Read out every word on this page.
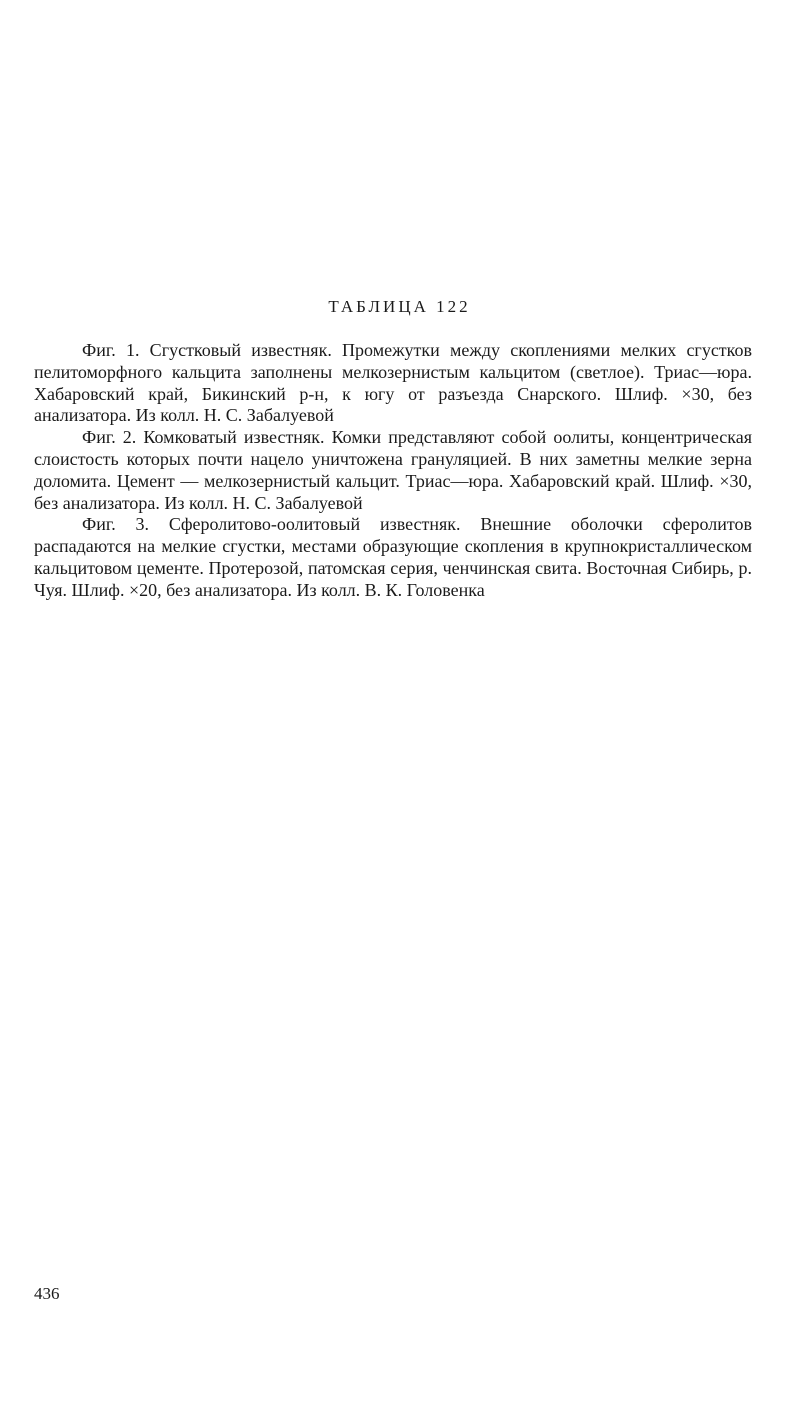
ТАБЛИЦА 122

Фиг. 1. Сгустковый известняк. Промежутки между скоплениями мелких сгустков пелитоморфного кальцита заполнены мелкозернистым кальцитом (светлое). Триас—юра. Хабаровский край, Бикинский р-н, к югу от разъезда Снарского. Шлиф. ×30, без анализатора. Из колл. Н. С. Забалуевой

Фиг. 2. Комковатый известняк. Комки представляют собой оолиты, концентрическая слоистость которых почти нацело уничтожена грануляцией. В них заметны мелкие зерна доломита. Цемент — мелкозернистый кальцит. Триас—юра. Хабаровский край. Шлиф. ×30, без анализатора. Из колл. Н. С. Забалуевой

Фиг. 3. Сферолитово-оолитовый известняк. Внешние оболочки сферолитов распадаются на мелкие сгустки, местами образующие скопления в крупнокристаллическом кальцитовом цементе. Протерозой, патомская серия, ченчинская свита. Восточная Сибирь, р. Чуя. Шлиф. ×20, без анализатора. Из колл. В. К. Головенка

436
